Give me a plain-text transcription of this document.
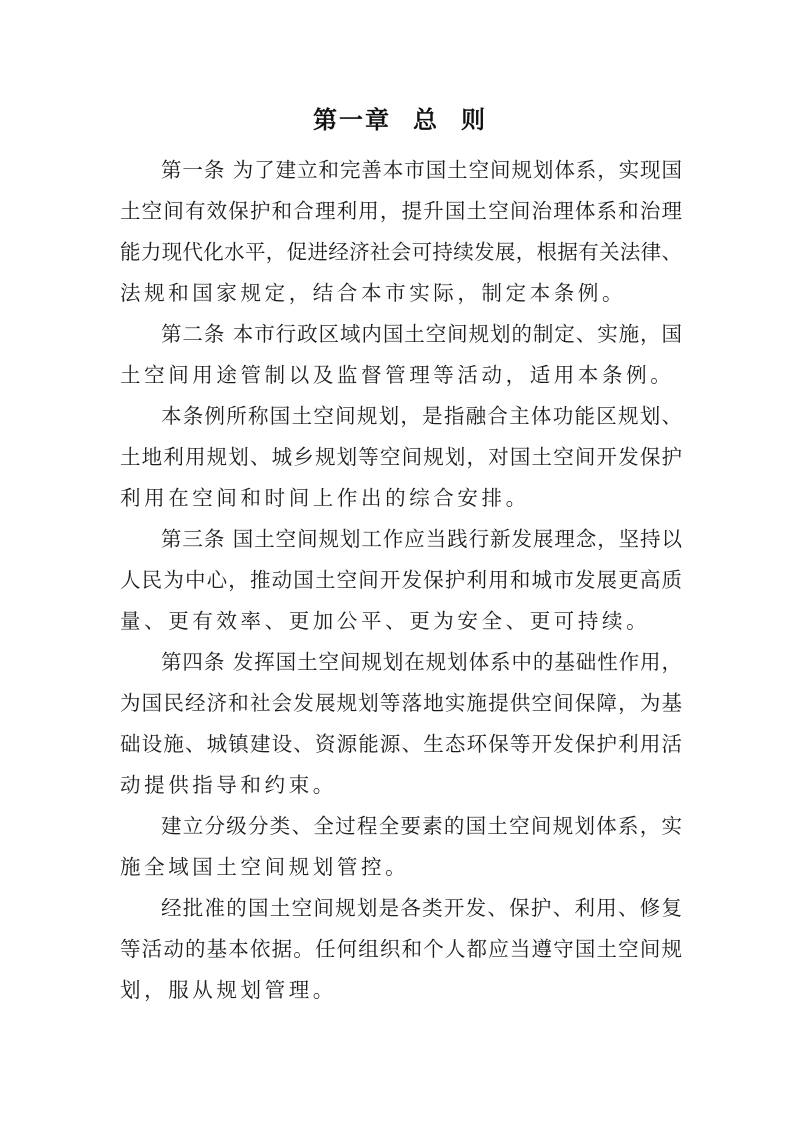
第一章 总 则
第一条 为了建立和完善本市国土空间规划体系，实现国
土空间有效保护和合理利用，提升国土空间治理体系和治理
能力现代化水平，促进经济社会可持续发展，根据有关法律、
法规和国家规定，结合本市实际，制定本条例。
第二条 本市行政区域内国土空间规划的制定、实施，国
土空间用途管制以及监督管理等活动，适用本条例。
本条例所称国土空间规划，是指融合主体功能区规划、
土地利用规划、城乡规划等空间规划，对国土空间开发保护
利用在空间和时间上作出的综合安排。
第三条 国土空间规划工作应当践行新发展理念，坚持以
人民为中心，推动国土空间开发保护利用和城市发展更高质
量、更有效率、更加公平、更为安全、更可持续。
第四条 发挥国土空间规划在规划体系中的基础性作用，
为国民经济和社会发展规划等落地实施提供空间保障，为基
础设施、城镇建设、资源能源、生态环保等开发保护利用活
动提供指导和约束。
建立分级分类、全过程全要素的国土空间规划体系，实
施全域国土空间规划管控。
经批准的国土空间规划是各类开发、保护、利用、修复
等活动的基本依据。任何组织和个人都应当遵守国土空间规
划，服从规划管理。
